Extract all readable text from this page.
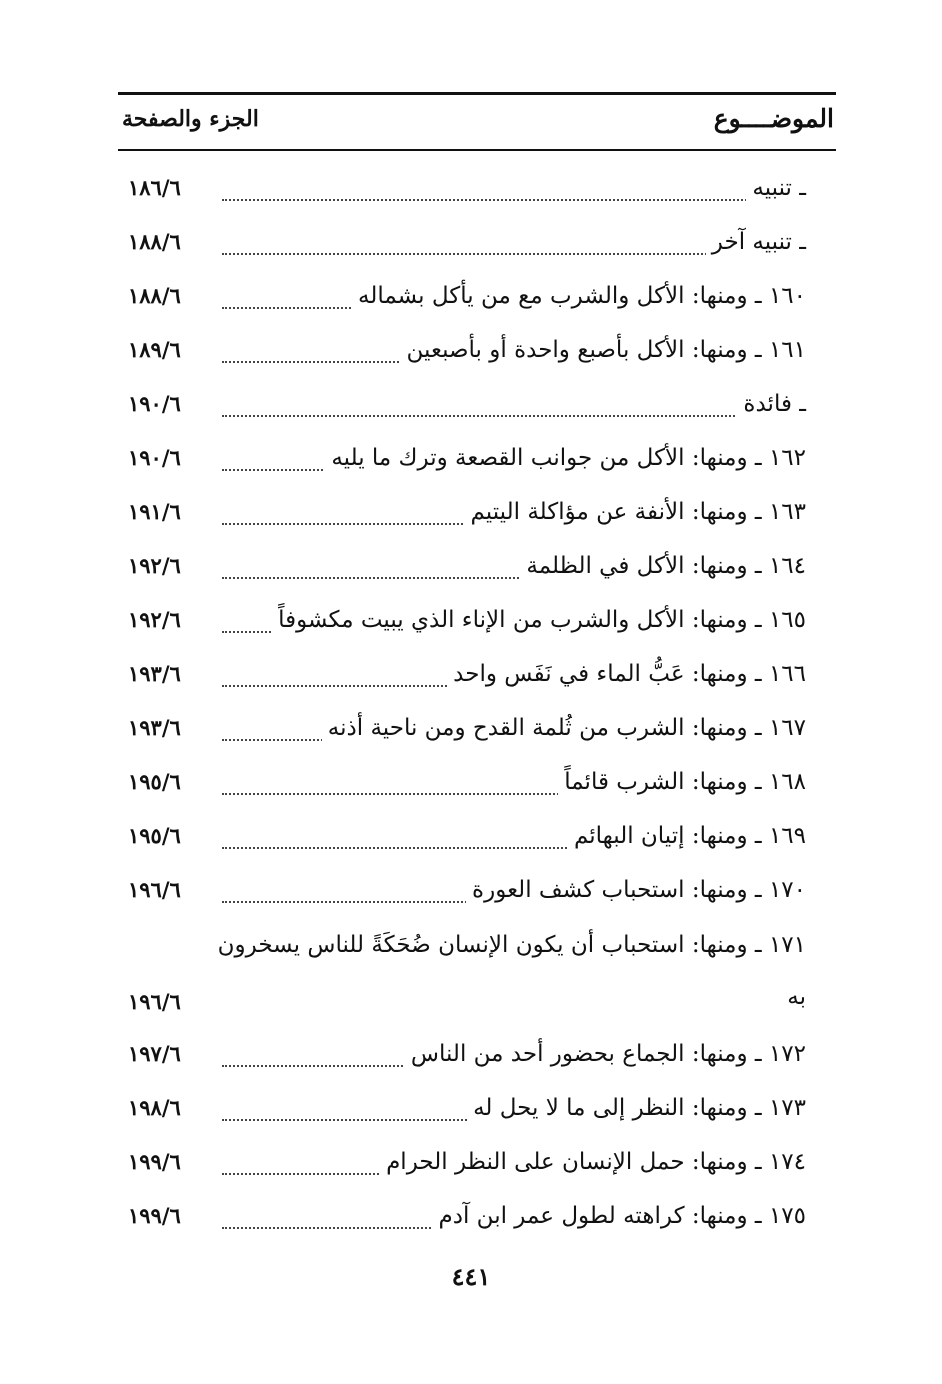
الموضــــوع
الجزء والصفحة
ـ تنبيه
١٨٦/٦
ـ تنبيه آخر
١٨٨/٦
١٦٠ ـ ومنها: الأكل والشرب مع من يأكل بشماله
١٨٨/٦
١٦١ ـ ومنها: الأكل بأصبع واحدة أو بأصبعين
١٨٩/٦
ـ فائدة
١٩٠/٦
١٦٢ ـ ومنها: الأكل من جوانب القصعة وترك ما يليه
١٩٠/٦
١٦٣ ـ ومنها: الأنفة عن مؤاكلة اليتيم
١٩١/٦
١٦٤ ـ ومنها: الأكل في الظلمة
١٩٢/٦
١٦٥ ـ ومنها: الأكل والشرب من الإناء الذي يبيت مكشوفاً
١٩٢/٦
١٦٦ ـ ومنها: عَبُّ الماء في نَفَس واحد
١٩٣/٦
١٦٧ ـ ومنها: الشرب من ثُلمة القدح ومن ناحية أذنه
١٩٣/٦
١٦٨ ـ ومنها: الشرب قائماً
١٩٥/٦
١٦٩ ـ ومنها: إتيان البهائم
١٩٥/٦
١٧٠ ـ ومنها: استحباب كشف العورة
١٩٦/٦
١٧١ ـ ومنها: استحباب أن يكون الإنسان ضُحَكَةً للناس يسخرون به
١٩٦/٦
١٧٢ ـ ومنها: الجماع بحضور أحد من الناس
١٩٧/٦
١٧٣ ـ ومنها: النظر إلى ما لا يحل له
١٩٨/٦
١٧٤ ـ ومنها: حمل الإنسان على النظر الحرام
١٩٩/٦
١٧٥ ـ ومنها: كراهته لطول عمر ابن آدم
١٩٩/٦
٤٤١
